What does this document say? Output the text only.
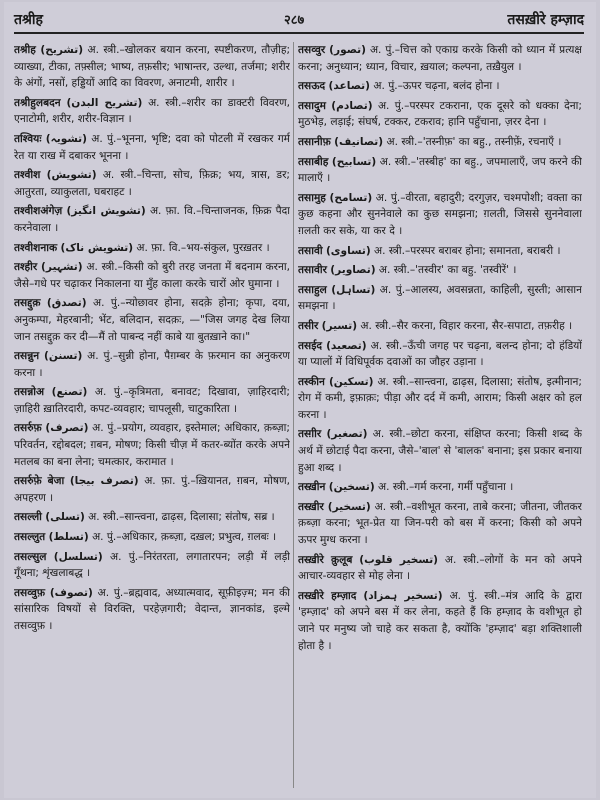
तश्रीह	२८७	तसख़ीरे हम्ज़ाद
तश्रीह (تشریح) अ. स्त्री.–खोलकर बयान करना, स्पष्टीकरण, तौज़ीह; व्याख्या, टीका, तफ़्सील; भाष्य, तफ़सीर; भाषान्तर, उल्था, तर्जमा; शरीर के अंगों, नसों, हड्डियों आदि का विवरण, अनाटमी, शारीर ।
तश्रीहुलबदन (تشریح البدن) अ. स्त्री.–शरीर का डाक्टरी विवरण, एनाटोमी, शरीर, शरीर-विज्ञान ।
तश्वियः (تشویہ) अ. पुं.–भूनना, भृष्टि; दवा को पोटली में रखकर गर्म रेत या राख में दबाकर भूनना ।
तश्वीश (تشویش) अ. स्त्री.–चिन्ता, सोच, फ़िक्र; भय, त्रास, डर; आतुरता, व्याकुलता, घबराहट ।
तश्वीशअंगेज़ (تشویش انگیز) अ. फ़ा. वि.–चिन्ताजनक, फ़िक्र पैदा करनेवाला ।
तश्वीशनाक (تشویش ناک) अ. फ़ा. वि.–भय-संकुल, पुरख़तर ।
तश्हीर (تشہیر) अ. स्त्री.–किसी को बुरी तरह जनता में बदनाम करना, जैसे–गधे पर चढ़ाकर निकालना या मुँह काला करके चारों ओर घुमाना ।
तसद्दुक़ (تصدق) अ. पुं.–न्योछावर होना, सदक़े होना; कृपा, दया, अनुकम्पा, मेहरबानी; भेंट, बलिदान, सदक़ः, —"जिस जगह देख लिया जान तसद्दुक़ कर दी—मैं तो पाबन्द नहीं काबे या बुतख़ाने का।"
तसन्नुन (تسنن) अ. पुं.–सुन्नी होना, पैग़म्बर के फ़रमान का अनुकरण करना ।
तसन्नोअ (تصنع) अ. पुं.–कृत्रिमता, बनावट; दिखावा, ज़ाहिरदारी; ज़ाहिरी ख़ातिरदारी, कपट-व्यवहार; चापलूसी, चाटुकारिता ।
तसर्रुफ़ (تصرف) अ. पुं.–प्रयोग, व्यवहार, इस्तेमाल; अधिकार, क़ब्ज़ा; परिवर्तन, रद्दोबदल; ग़बन, मोषण; किसी चीज़ में कतर-ब्योंत करके अपने मतलब का बना लेना; चमत्कार, करामात ।
तसर्रुफ़े बेजा (تصرف بیجا) अ. फ़ा. पुं.–ख़ियानत, ग़बन, मोषण, अपहरण ।
तसल्ली (تسلی) अ. स्त्री.–सान्त्वना, ढाढ़स, दिलासा; संतोष, सब्र ।
तसल्लुत (تسلط) अ. पुं.–अधिकार, क़ब्ज़ा, दख़ल; प्रभुत्व, ग़लबः ।
तसल्सुल (تسلسل) अ. पुं.–निरंतरता, लगातारपन; लड़ी में लड़ी गूँथना; शृंखलाबद्ध ।
तसव्वुफ़ (تصوف) अ. पुं.–ब्रह्मवाद, अध्यात्मवाद, सूफ़ीइज़्म; मन की सांसारिक विषयों से विरक्ति, परहेज़गारी; वेदान्त, ज्ञानकांड, इल्मे तसव्वुफ़ ।
तसव्वुर (تصور) अ. पुं.–चित्त को एकाग्र करके किसी को ध्यान में प्रत्यक्ष करना; अनुध्यान; ध्यान, विचार, ख़याल; कल्पना, तख़ैयुल ।
तसऊद (تصاعد) अ. पुं.–ऊपर चढ़ना, बलंद होना ।
तसादुम (تصادم) अ. पुं.–परस्पर टकराना, एक दूसरे को धक्का देना; मुठभेड़, लड़ाई; संघर्ष, टक्कर, टकराव; हानि पहुँचाना, ज़रर देना ।
तसानीफ़ (تصانیف) अ. स्त्री.–'तस्नीफ़' का बहु., तस्नीफ़ें, रचनाएँ ।
तसाबीह (تسابیح) अ. स्त्री.–'तस्बीह' का बहु., जपमालाएँ, जप करने की मालाएँ ।
तसामुह (تسامح) अ. पुं.–वीरता, बहादुरी; दरगुज़र, चश्मपोशी; वक्ता का कुछ कहना और सुननेवाले का कुछ समझना; ग़लती, जिससे सुननेवाला ग़लती कर सके, या कर दे ।
तसावी (تساوی) अ. स्त्री.–परस्पर बराबर होना; समानता, बराबरी ।
तसावीर (تصاویر) अ. स्त्री.–'तस्वीर' का बहु. 'तस्वीरें' ।
तसाहुल (تساہل) अ. पुं.–आलस्य, अवसन्नता, काहिली, सुस्ती; आसान समझना ।
तसीर (تسیر) अ. स्त्री.–सैर करना, विहार करना, सैर-सपाटा, तफ़रीह ।
तसईद (تصعید) अ. स्त्री.–ऊँची जगह पर चढ़ना, बलन्द होना; दो हंडियों या प्यालों में विधिपूर्वक दवाओं का जौहर उड़ाना ।
तस्कीन (تسکین) अ. स्त्री.–सान्त्वना, ढाढ़स, दिलासा; संतोष, इत्मीनान; रोग में कमी, इफ़ाक़ः; पीड़ा और दर्द में कमी, आराम; किसी अक्षर को हल करना ।
तस्ग़ीर (تصغیر) अ. स्त्री.–छोटा करना, संक्षिप्त करना; किसी शब्द के अर्थ में छोटाई पैदा करना, जैसे–'बाल' से 'बालक' बनाना; इस प्रकार बनाया हुआ शब्द ।
तस्ख़ीन (تسخین) अ. स्त्री.–गर्म करना, गर्मी पहुँचाना ।
तस्ख़ीर (تسخیر) अ. स्त्री.–वशीभूत करना, ताबे करना; जीतना, जीतकर क़ब्ज़ा करना; भूत-प्रेत या जिन-परी को बस में करना; किसी को अपने ऊपर मुग्ध करना ।
तस्ख़ीरे क़ुलूब (تسخیر قلوب) अ. स्त्री.–लोगों के मन को अपने आचार-व्यवहार से मोह लेना ।
तस्ख़ीरे हम्ज़ाद (تسخیر ہمزاد) अ. पुं. स्त्री.–मंत्र आदि के द्वारा 'हम्ज़ाद' को अपने बस में कर लेना, कहते हैं कि हम्ज़ाद के वशीभूत हो जाने पर मनुष्य जो चाहे कर सकता है, क्योंकि 'हम्ज़ाद' बड़ा शक्तिशाली होता है ।
